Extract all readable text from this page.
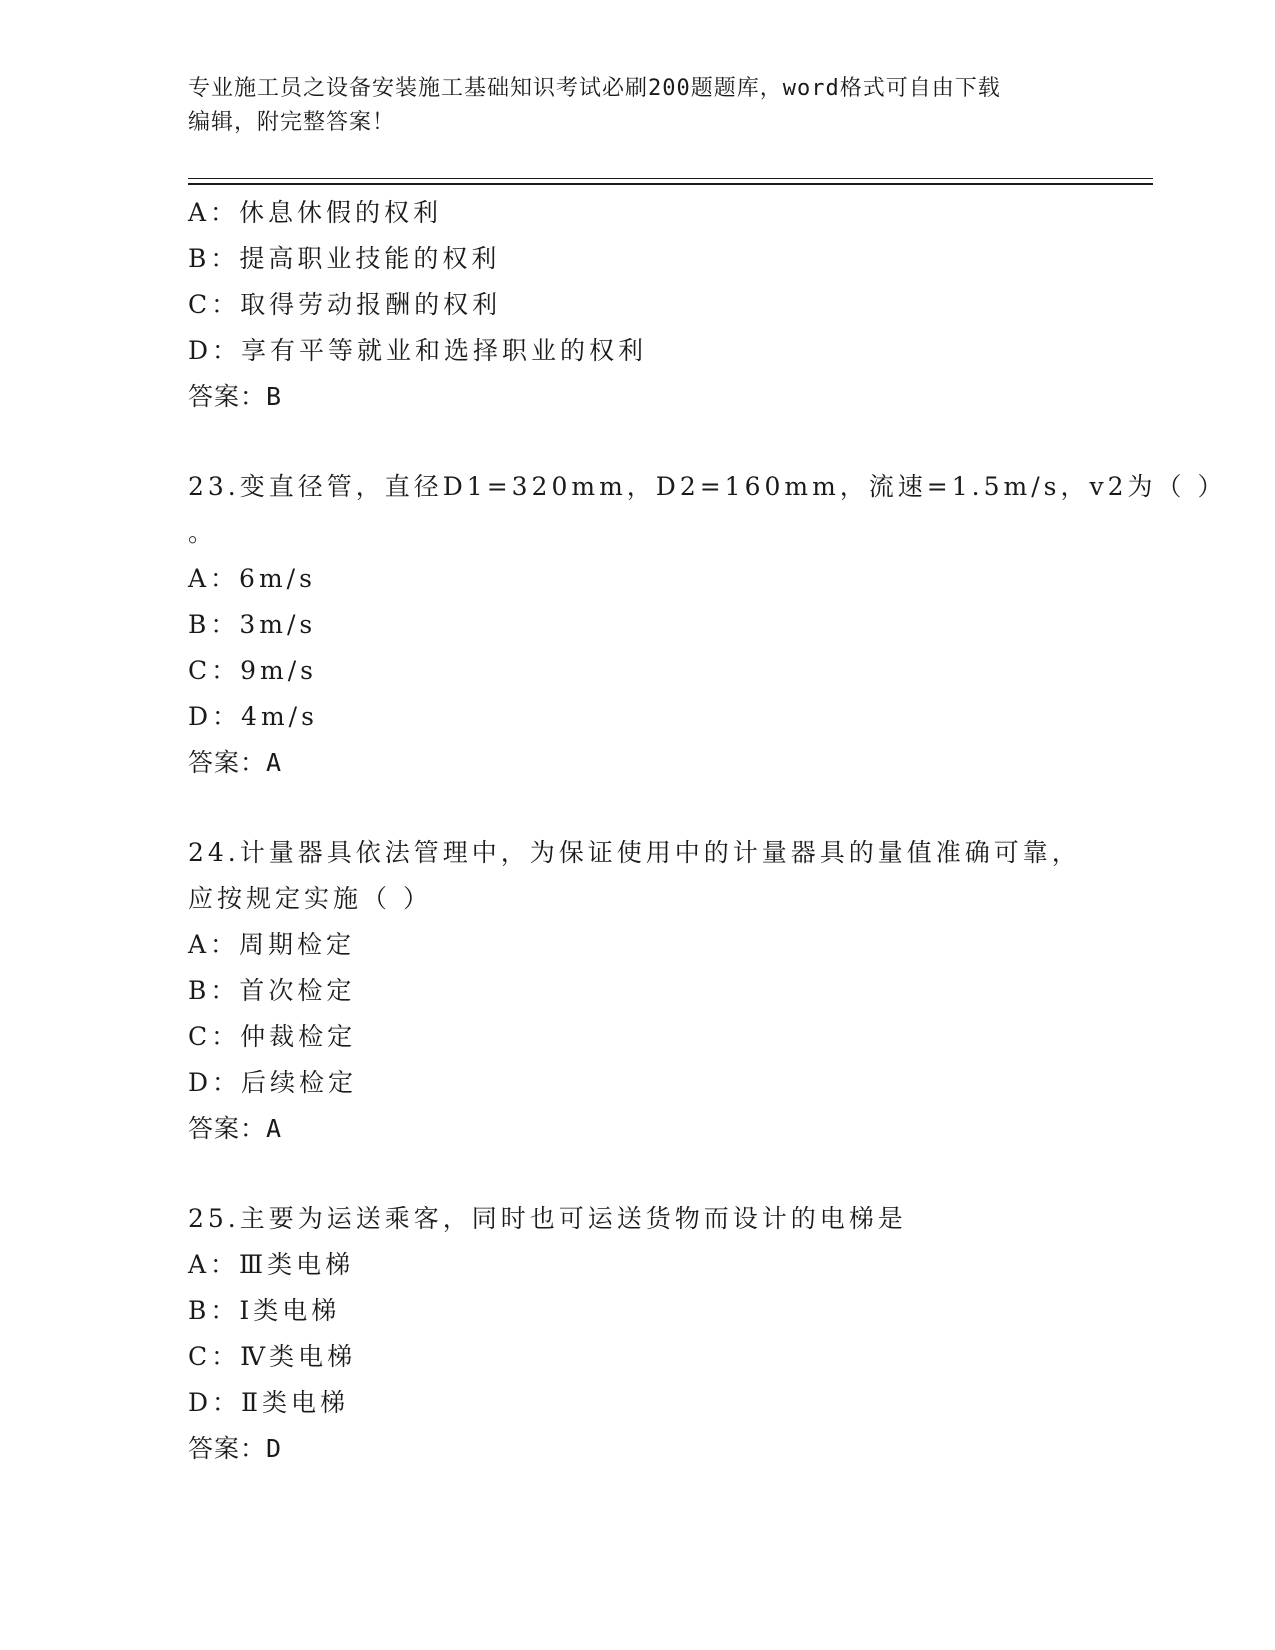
专业施工员之设备安装施工基础知识考试必刷200题题库，word格式可自由下载
编辑，附完整答案！
A：休息休假的权利
B：提高职业技能的权利
C：取得劳动报酬的权利
D：享有平等就业和选择职业的权利
答案：B
23.变直径管，直径D1=320mm，D2=160mm，流速=1.5m/s，v2为（ ）
。
A：6m/s
B：3m/s
C：9m/s
D：4m/s
答案：A
24.计量器具依法管理中，为保证使用中的计量器具的量值准确可靠，
应按规定实施（ ）
A：周期检定
B：首次检定
C：仲裁检定
D：后续检定
答案：A
25.主要为运送乘客，同时也可运送货物而设计的电梯是
A：Ⅲ类电梯
B：Ⅰ类电梯
C：Ⅳ类电梯
D：Ⅱ类电梯
答案：D
